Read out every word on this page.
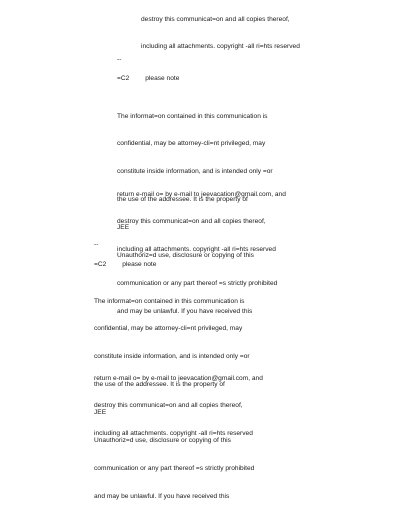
destroy this communicat=on and all copies thereof,

including all attachments. copyright -all ri=hts reserved

--
=C2 please note

The informat=on contained in this communication is

confidential, may be attorney-cli=nt privileged, may

constitute inside information, and is intended only =or

the use of the addressee. It is the property of

JEE

Unauthoriz=d use, disclosure or copying of this

communication or any part thereof =s strictly prohibited

and may be unlawful. If you have received this

return e-mail o= by e-mail to jeevacation@gmail.com, and

destroy this communicat=on and all copies thereof,

including all attachments. copyright -all ri=hts reserved

--
=C2 please note

The informat=on contained in this communication is

confidential, may be attorney-cli=nt privileged, may

constitute inside information, and is intended only =or

the use of the addressee. It is the property of

JEE

Unauthoriz=d use, disclosure or copying of this

communication or any part thereof =s strictly prohibited

and may be unlawful. If you have received this

return e-mail o= by e-mail to jeevacation@gmail.com, and

destroy this communicat=on and all copies thereof,

including all attachments. copyright -all ri=hts reserved
